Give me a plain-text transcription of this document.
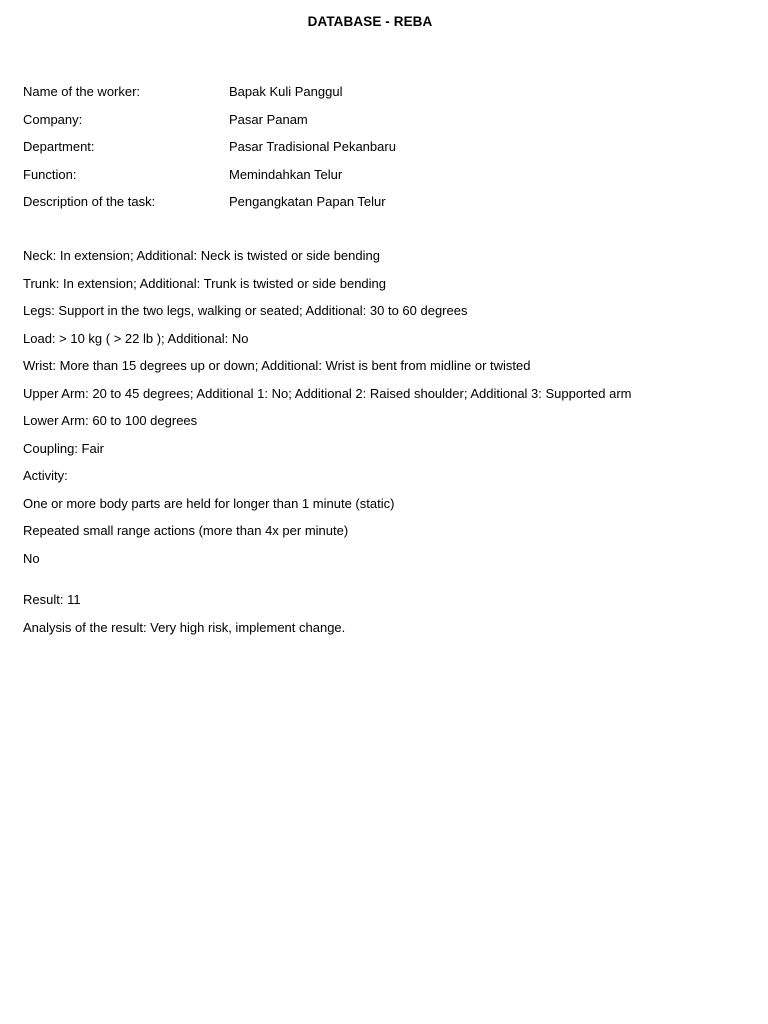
DATABASE - REBA
Name of the worker:	Bapak Kuli Panggul
Company:	Pasar Panam
Department:	Pasar Tradisional Pekanbaru
Function:	Memindahkan Telur
Description of the task:	Pengangkatan Papan Telur
Neck: In extension; Additional: Neck is twisted or side bending
Trunk: In extension; Additional: Trunk is twisted or side bending
Legs: Support in the two legs, walking or seated; Additional: 30 to 60 degrees
Load: > 10 kg ( > 22 lb ); Additional: No
Wrist: More than 15 degrees up or down; Additional: Wrist is bent from midline or twisted
Upper Arm: 20 to 45 degrees; Additional 1: No; Additional 2: Raised shoulder; Additional 3: Supported arm
Lower Arm: 60 to 100 degrees
Coupling: Fair
Activity:
One or more body parts are held for longer than 1 minute (static)
Repeated small range actions (more than 4x per minute)
No
Result: 11
Analysis of the result: Very high risk, implement change.
